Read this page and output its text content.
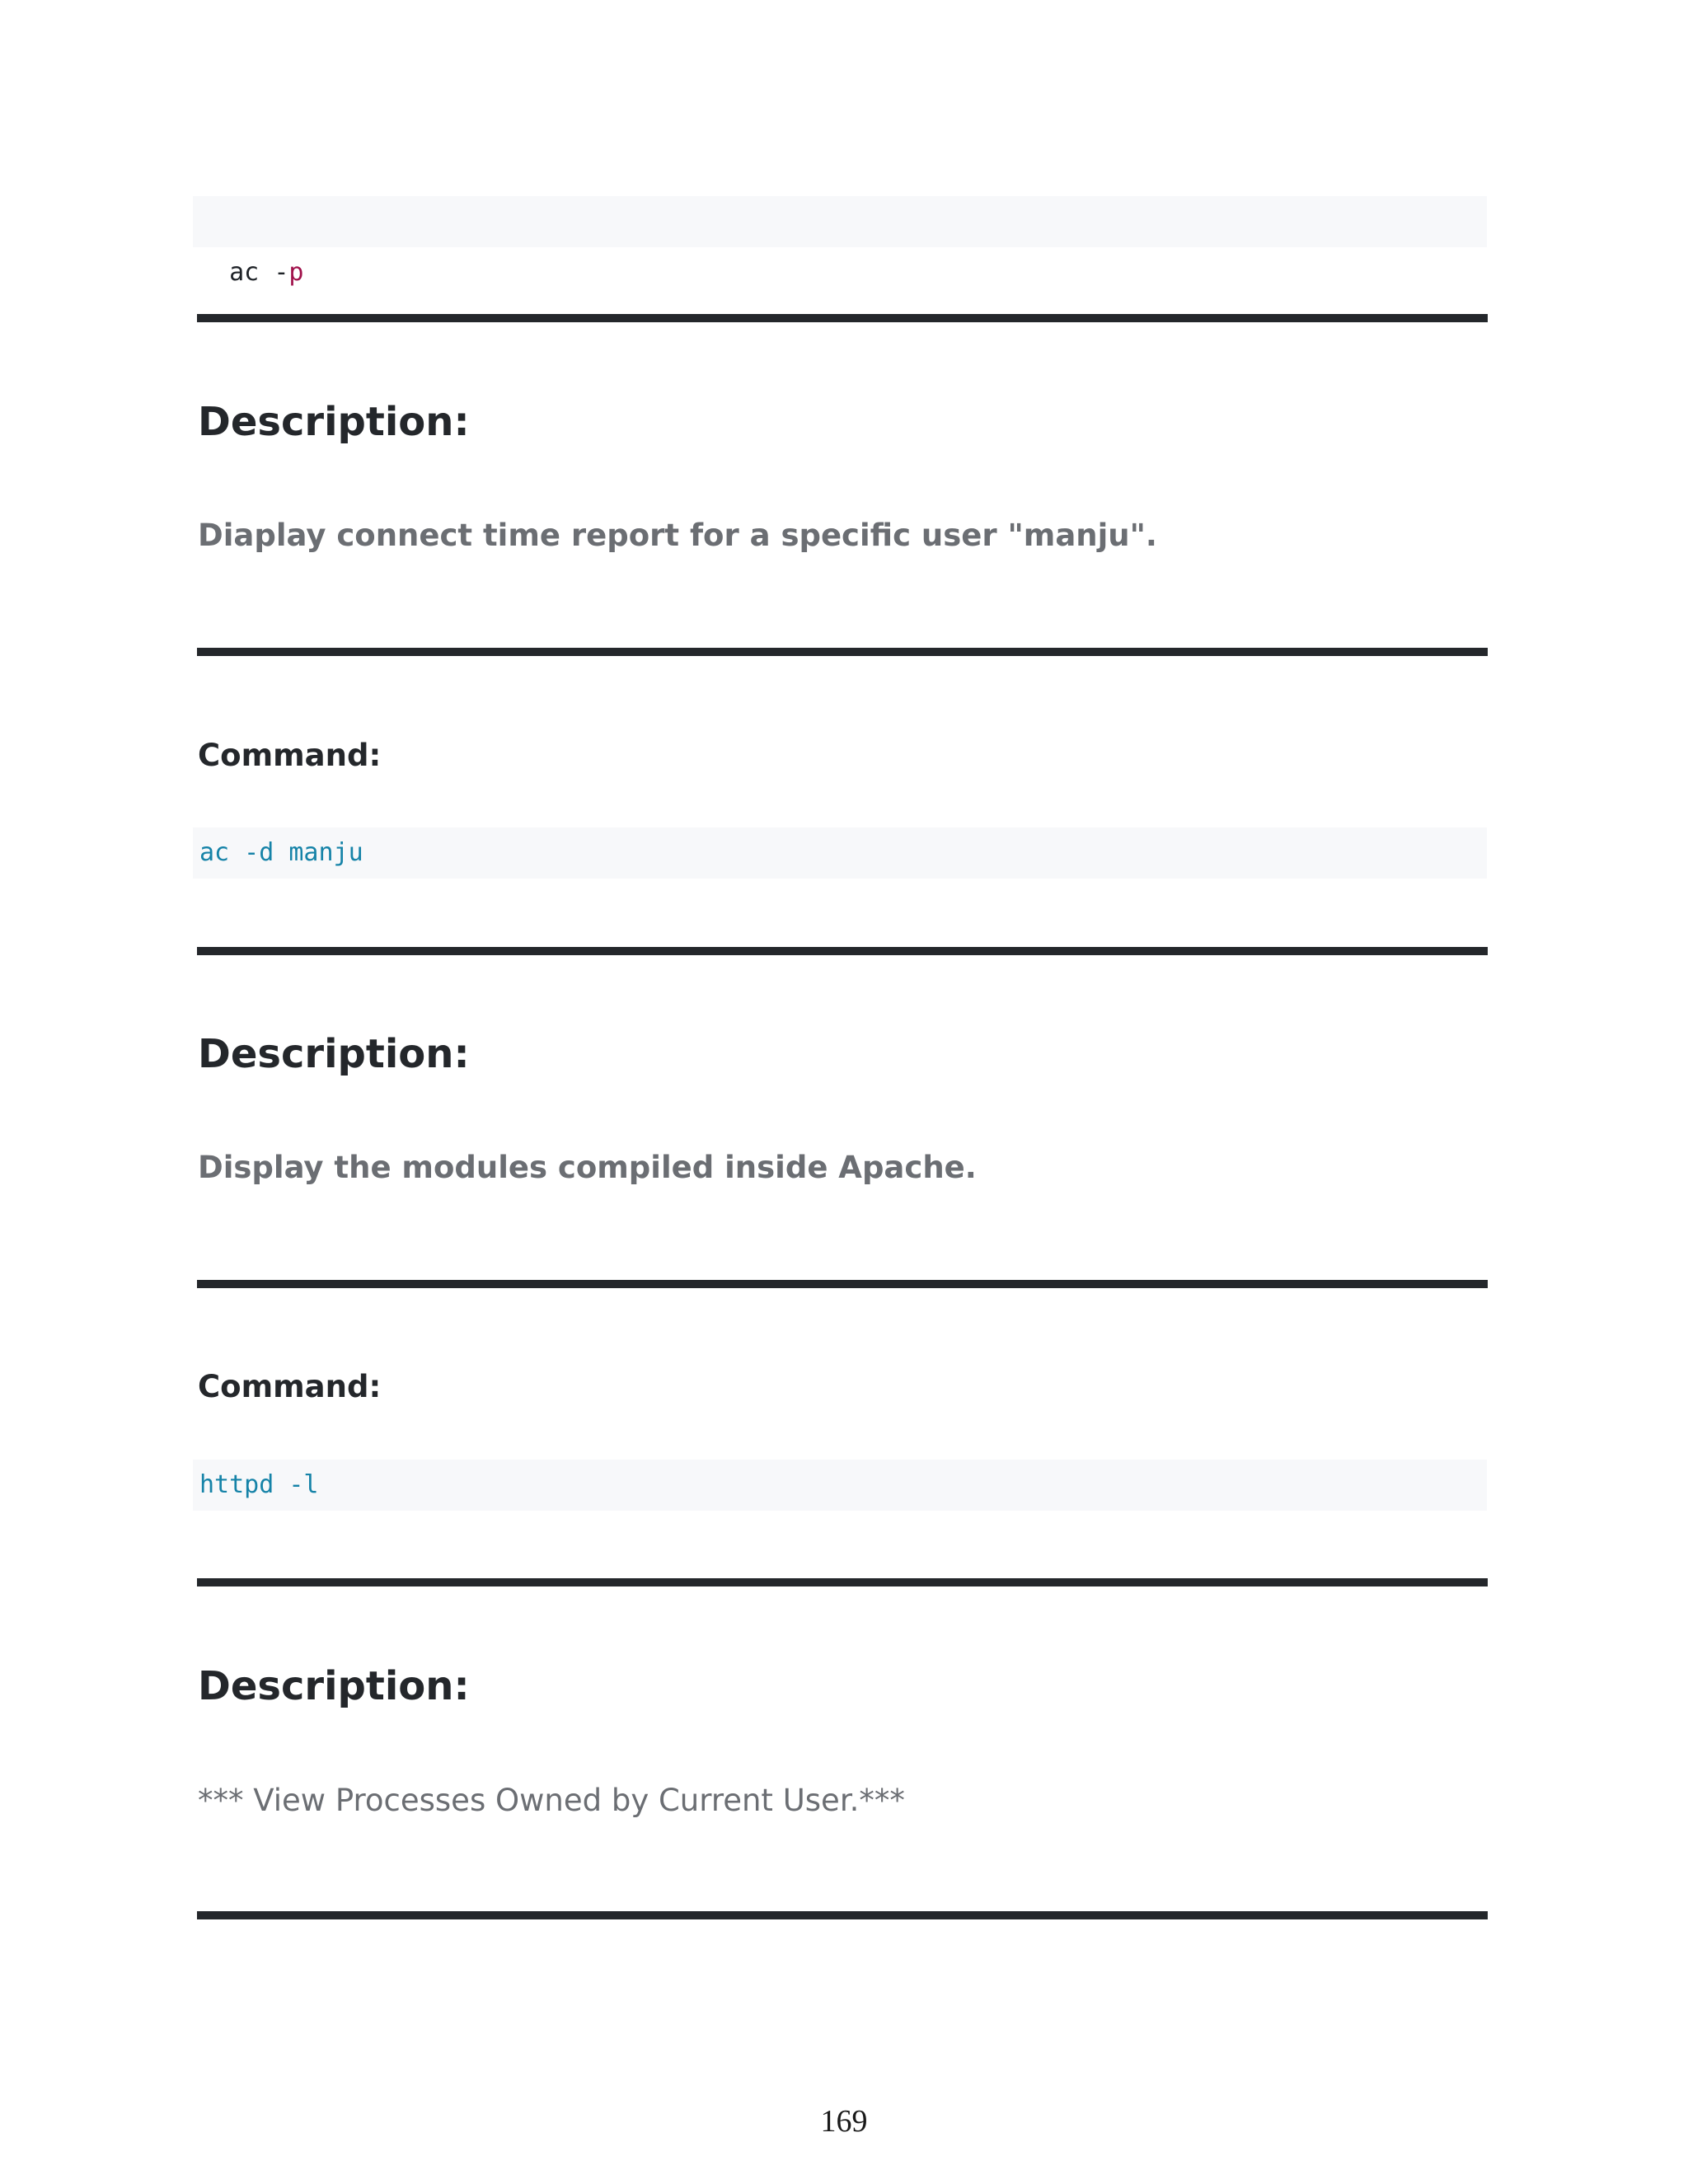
ac -p

Description:
Diaplay connect time report for a specific user "manju".
Command:
ac -d manju
Description:
Display the modules compiled inside Apache.
Command:
httpd -l
Description:
*** View Processes Owned by Current User.***
169
